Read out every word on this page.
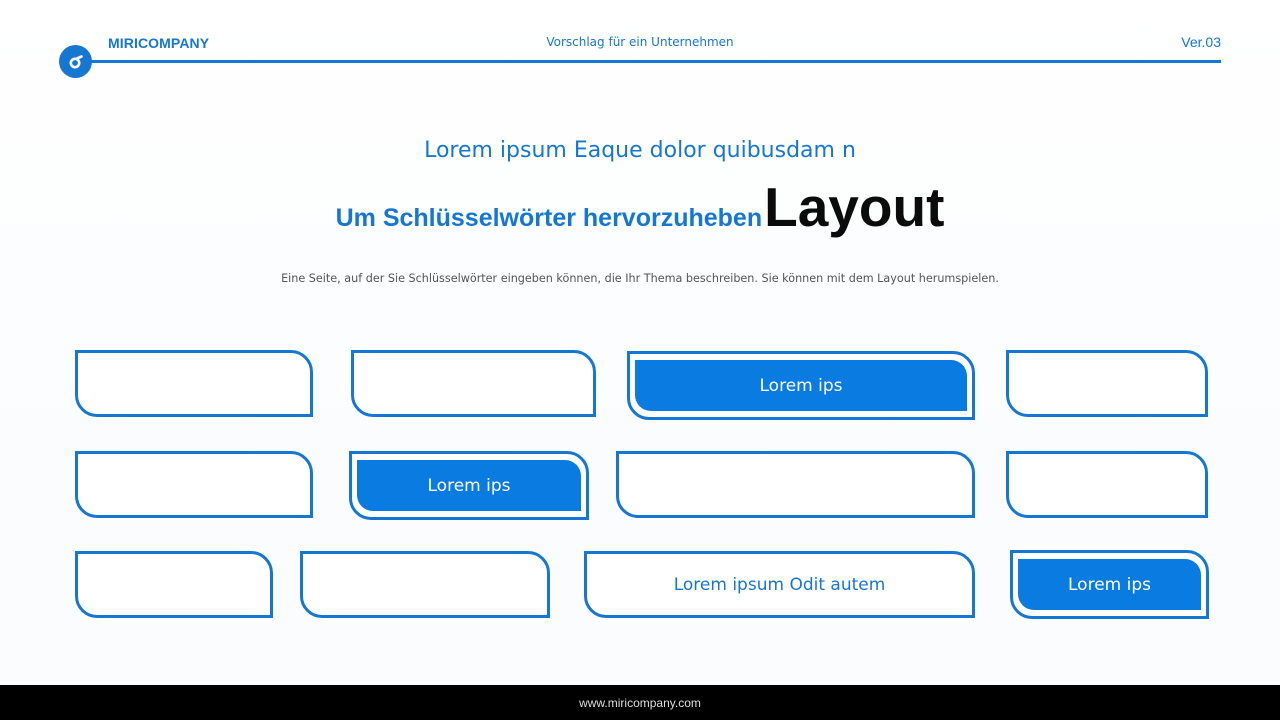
MIRICOMPANY	Vorschlag für ein Unternehmen	Ver.03
Lorem ipsum Eaque dolor quibusdam n
Um Schlüsselwörter hervorzuheben Layout
Eine Seite, auf der Sie Schlüsselwörter eingeben können, die Ihr Thema beschreiben. Sie können mit dem Layout herumspielen.
Lorem ips
Lorem ips
Lorem ipsum Odit autem	Lorem ips
www.miricompany.com
